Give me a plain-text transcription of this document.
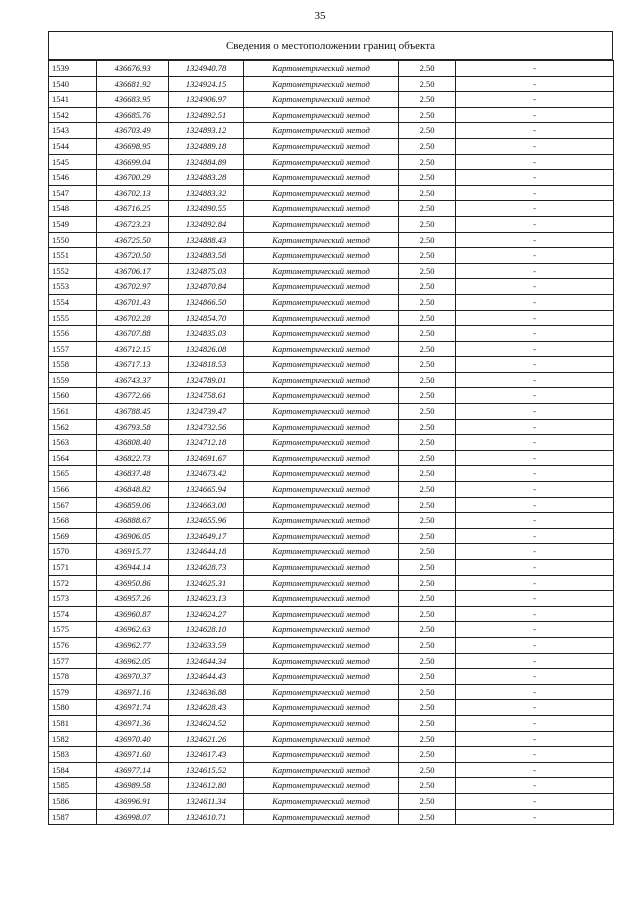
35
Сведения о местоположении границ объекта
1539	436676.93	1324940.78	Картометрический метод	2.50	-
1540	436681.92	1324924.15	Картометрический метод	2.50	-
1541	436683.95	1324906.97	Картометрический метод	2.50	-
1542	436685.76	1324892.51	Картометрический метод	2.50	-
1543	436703.49	1324893.12	Картометрический метод	2.50	-
1544	436698.95	1324889.18	Картометрический метод	2.50	-
1545	436699.04	1324884.89	Картометрический метод	2.50	-
1546	436700.29	1324883.28	Картометрический метод	2.50	-
1547	436702.13	1324883.32	Картометрический метод	2.50	-
1548	436716.25	1324890.55	Картометрический метод	2.50	-
1549	436723.23	1324892.84	Картометрический метод	2.50	-
1550	436725.50	1324888.43	Картометрический метод	2.50	-
1551	436720.50	1324883.58	Картометрический метод	2.50	-
1552	436706.17	1324875.03	Картометрический метод	2.50	-
1553	436702.97	1324870.84	Картометрический метод	2.50	-
1554	436701.43	1324866.50	Картометрический метод	2.50	-
1555	436702.28	1324854.70	Картометрический метод	2.50	-
1556	436707.88	1324835.03	Картометрический метод	2.50	-
1557	436712.15	1324826.08	Картометрический метод	2.50	-
1558	436717.13	1324818.53	Картометрический метод	2.50	-
1559	436743.37	1324789.01	Картометрический метод	2.50	-
1560	436772.66	1324758.61	Картометрический метод	2.50	-
1561	436788.45	1324739.47	Картометрический метод	2.50	-
1562	436793.58	1324732.56	Картометрический метод	2.50	-
1563	436808.40	1324712.18	Картометрический метод	2.50	-
1564	436822.73	1324691.67	Картометрический метод	2.50	-
1565	436837.48	1324673.42	Картометрический метод	2.50	-
1566	436848.82	1324665.94	Картометрический метод	2.50	-
1567	436859.06	1324663.00	Картометрический метод	2.50	-
1568	436888.67	1324655.96	Картометрический метод	2.50	-
1569	436906.05	1324649.17	Картометрический метод	2.50	-
1570	436915.77	1324644.18	Картометрический метод	2.50	-
1571	436944.14	1324628.73	Картометрический метод	2.50	-
1572	436950.86	1324625.31	Картометрический метод	2.50	-
1573	436957.26	1324623.13	Картометрический метод	2.50	-
1574	436960.87	1324624.27	Картометрический метод	2.50	-
1575	436962.63	1324628.10	Картометрический метод	2.50	-
1576	436962.77	1324633.59	Картометрический метод	2.50	-
1577	436962.05	1324644.34	Картометрический метод	2.50	-
1578	436970.37	1324644.43	Картометрический метод	2.50	-
1579	436971.16	1324636.88	Картометрический метод	2.50	-
1580	436971.74	1324628.43	Картометрический метод	2.50	-
1581	436971.36	1324624.52	Картометрический метод	2.50	-
1582	436970.40	1324621.26	Картометрический метод	2.50	-
1583	436971.60	1324617.43	Картометрический метод	2.50	-
1584	436977.14	1324615.52	Картометрический метод	2.50	-
1585	436989.58	1324612.80	Картометрический метод	2.50	-
1586	436996.91	1324611.34	Картометрический метод	2.50	-
1587	436998.07	1324610.71	Картометрический метод	2.50	-
